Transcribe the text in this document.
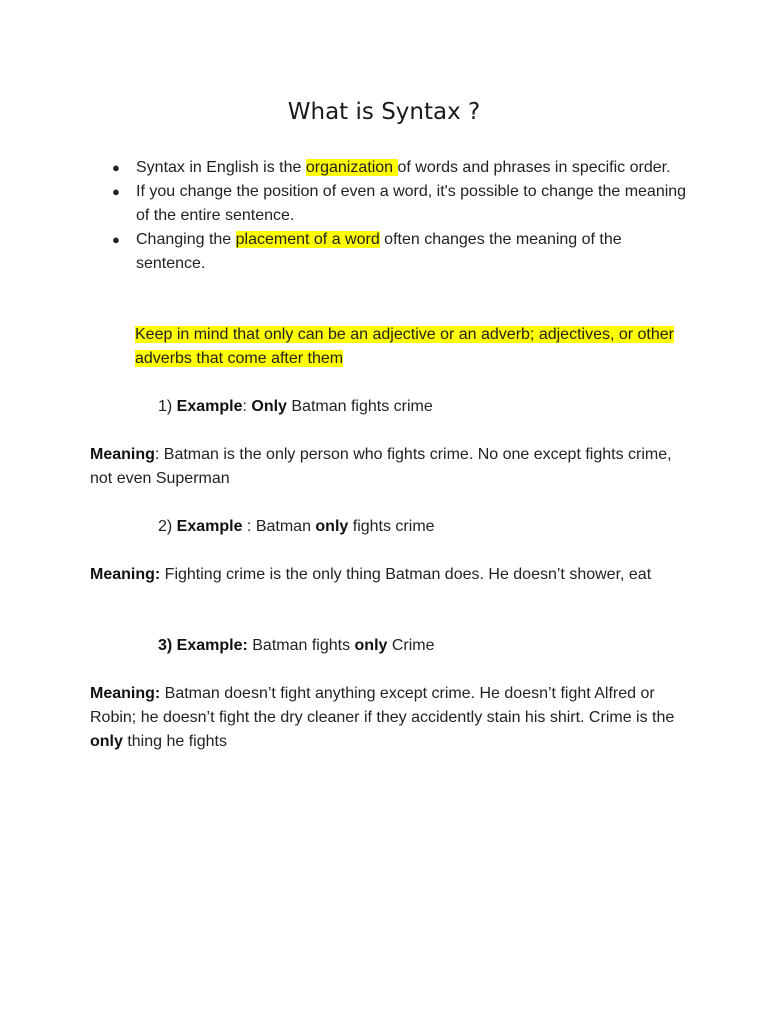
What is Syntax ?
● Syntax in English is the organization of words and phrases in specific order.
● If you change the position of even a word, it's possible to change the meaning of the entire sentence.
● Changing the placement of a word often changes the meaning of the sentence.

Keep in mind that only can be an adjective or an adverb; adjectives, or other adverbs that come after them

1) Example: Only Batman fights crime

Meaning: Batman is the only person who fights crime. No one except fights crime, not even Superman

2) Example : Batman only fights crime

Meaning: Fighting crime is the only thing Batman does. He doesn’t shower, eat

3) Example: Batman fights only Crime

Meaning: Batman doesn’t fight anything except crime. He doesn’t fight Alfred or Robin; he doesn’t fight the dry cleaner if they accidently stain his shirt. Crime is the only thing he fights
